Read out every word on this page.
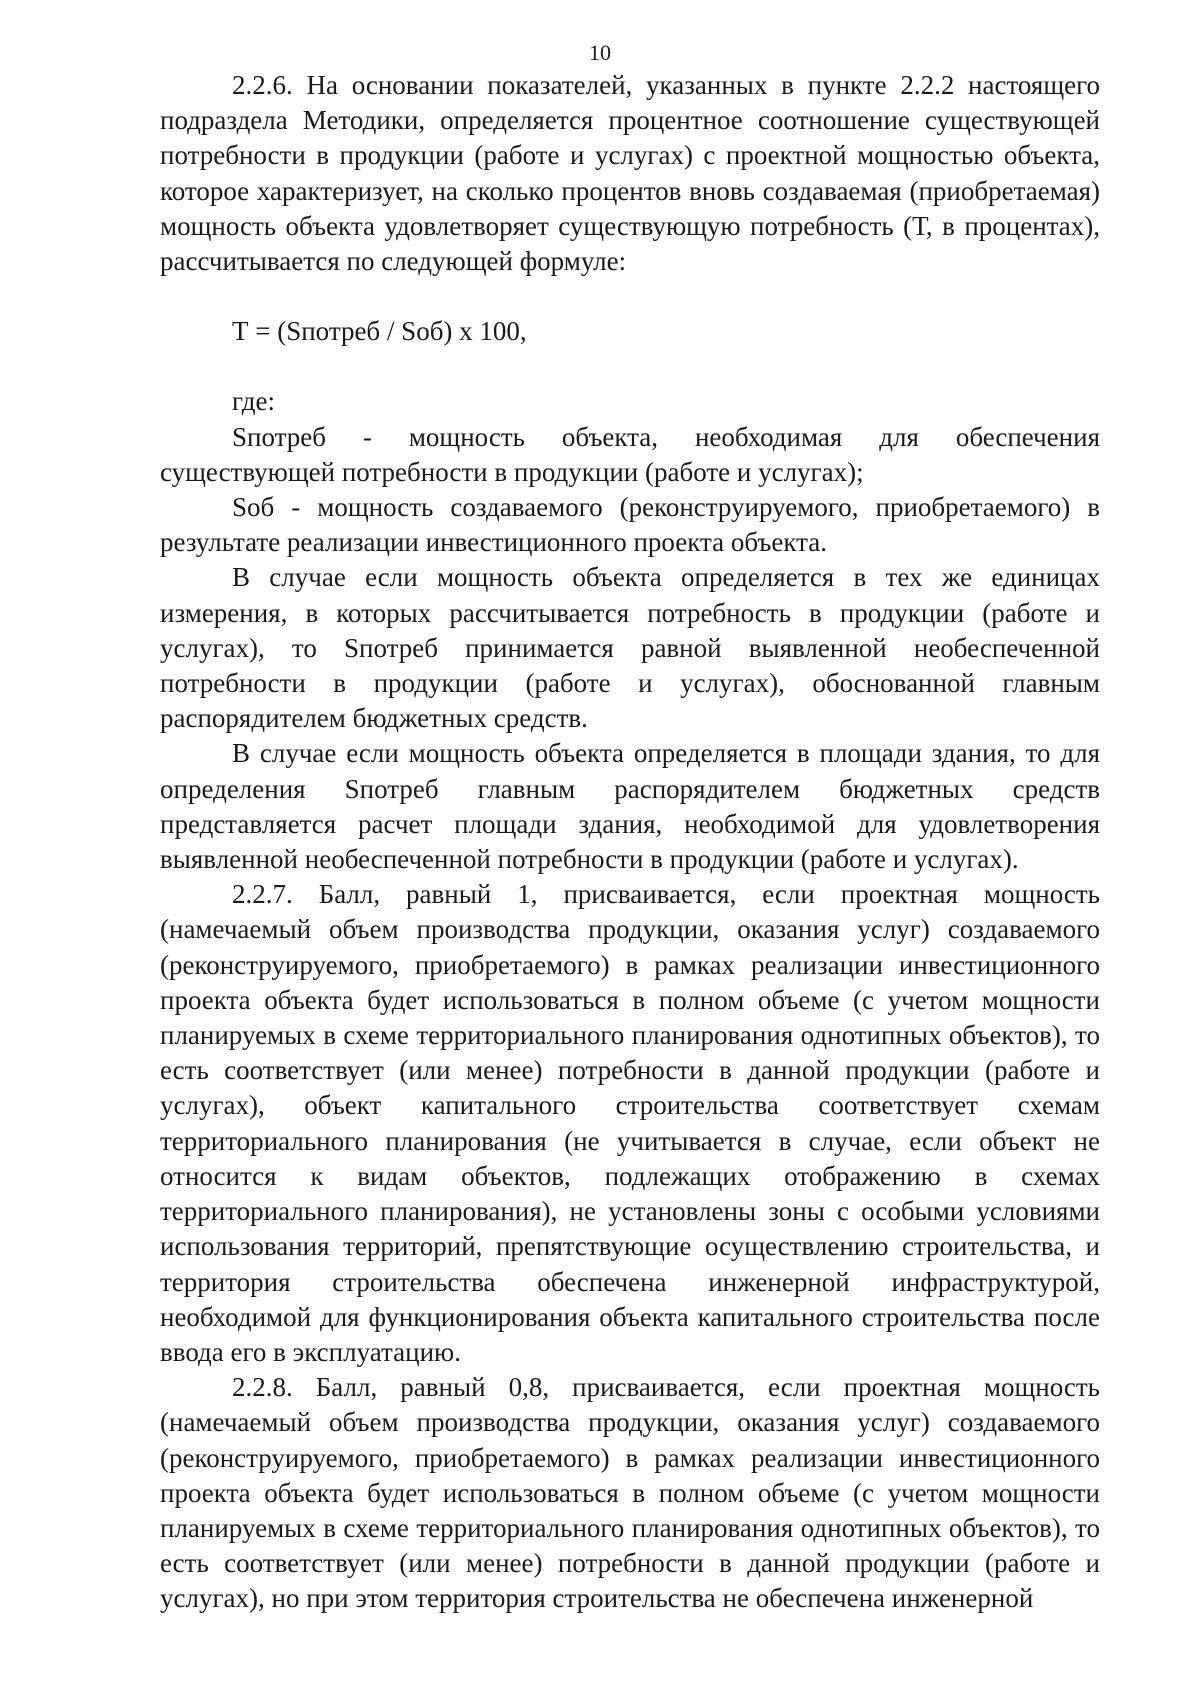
10

2.2.6. На основании показателей, указанных в пункте 2.2.2 настоящего подраздела Методики, определяется процентное соотношение существующей потребности в продукции (работе и услугах) с проектной мощностью объекта, которое характеризует, на сколько процентов вновь создаваемая (приобретаемая) мощность объекта удовлетворяет существующую потребность (Т, в процентах), рассчитывается по следующей формуле:

Т = (Sпотреб / Sоб) х 100,

где:

Sпотреб - мощность объекта, необходимая для обеспечения существующей потребности в продукции (работе и услугах);

Sоб - мощность создаваемого (реконструируемого, приобретаемого) в результате реализации инвестиционного проекта объекта.

В случае если мощность объекта определяется в тех же единицах измерения, в которых рассчитывается потребность в продукции (работе и услугах), то Sпотреб принимается равной выявленной необеспеченной потребности в продукции (работе и услугах), обоснованной главным распорядителем бюджетных средств.

В случае если мощность объекта определяется в площади здания, то для определения Sпотреб главным распорядителем бюджетных средств представляется расчет площади здания, необходимой для удовлетворения выявленной необеспеченной потребности в продукции (работе и услугах).

2.2.7. Балл, равный 1, присваивается, если проектная мощность (намечаемый объем производства продукции, оказания услуг) создаваемого (реконструируемого, приобретаемого) в рамках реализации инвестиционного проекта объекта будет использоваться в полном объеме (с учетом мощности планируемых в схеме территориального планирования однотипных объектов), то есть соответствует (или менее) потребности в данной продукции (работе и услугах), объект капитального строительства соответствует схемам территориального планирования (не учитывается в случае, если объект не относится к видам объектов, подлежащих отображению в схемах территориального планирования), не установлены зоны с особыми условиями использования территорий, препятствующие осуществлению строительства, и территория строительства обеспечена инженерной инфраструктурой, необходимой для функционирования объекта капитального строительства после ввода его в эксплуатацию.

2.2.8. Балл, равный 0,8, присваивается, если проектная мощность (намечаемый объем производства продукции, оказания услуг) создаваемого (реконструируемого, приобретаемого) в рамках реализации инвестиционного проекта объекта будет использоваться в полном объеме (с учетом мощности планируемых в схеме территориального планирования однотипных объектов), то есть соответствует (или менее) потребности в данной продукции (работе и услугах), но при этом территория строительства не обеспечена инженерной
